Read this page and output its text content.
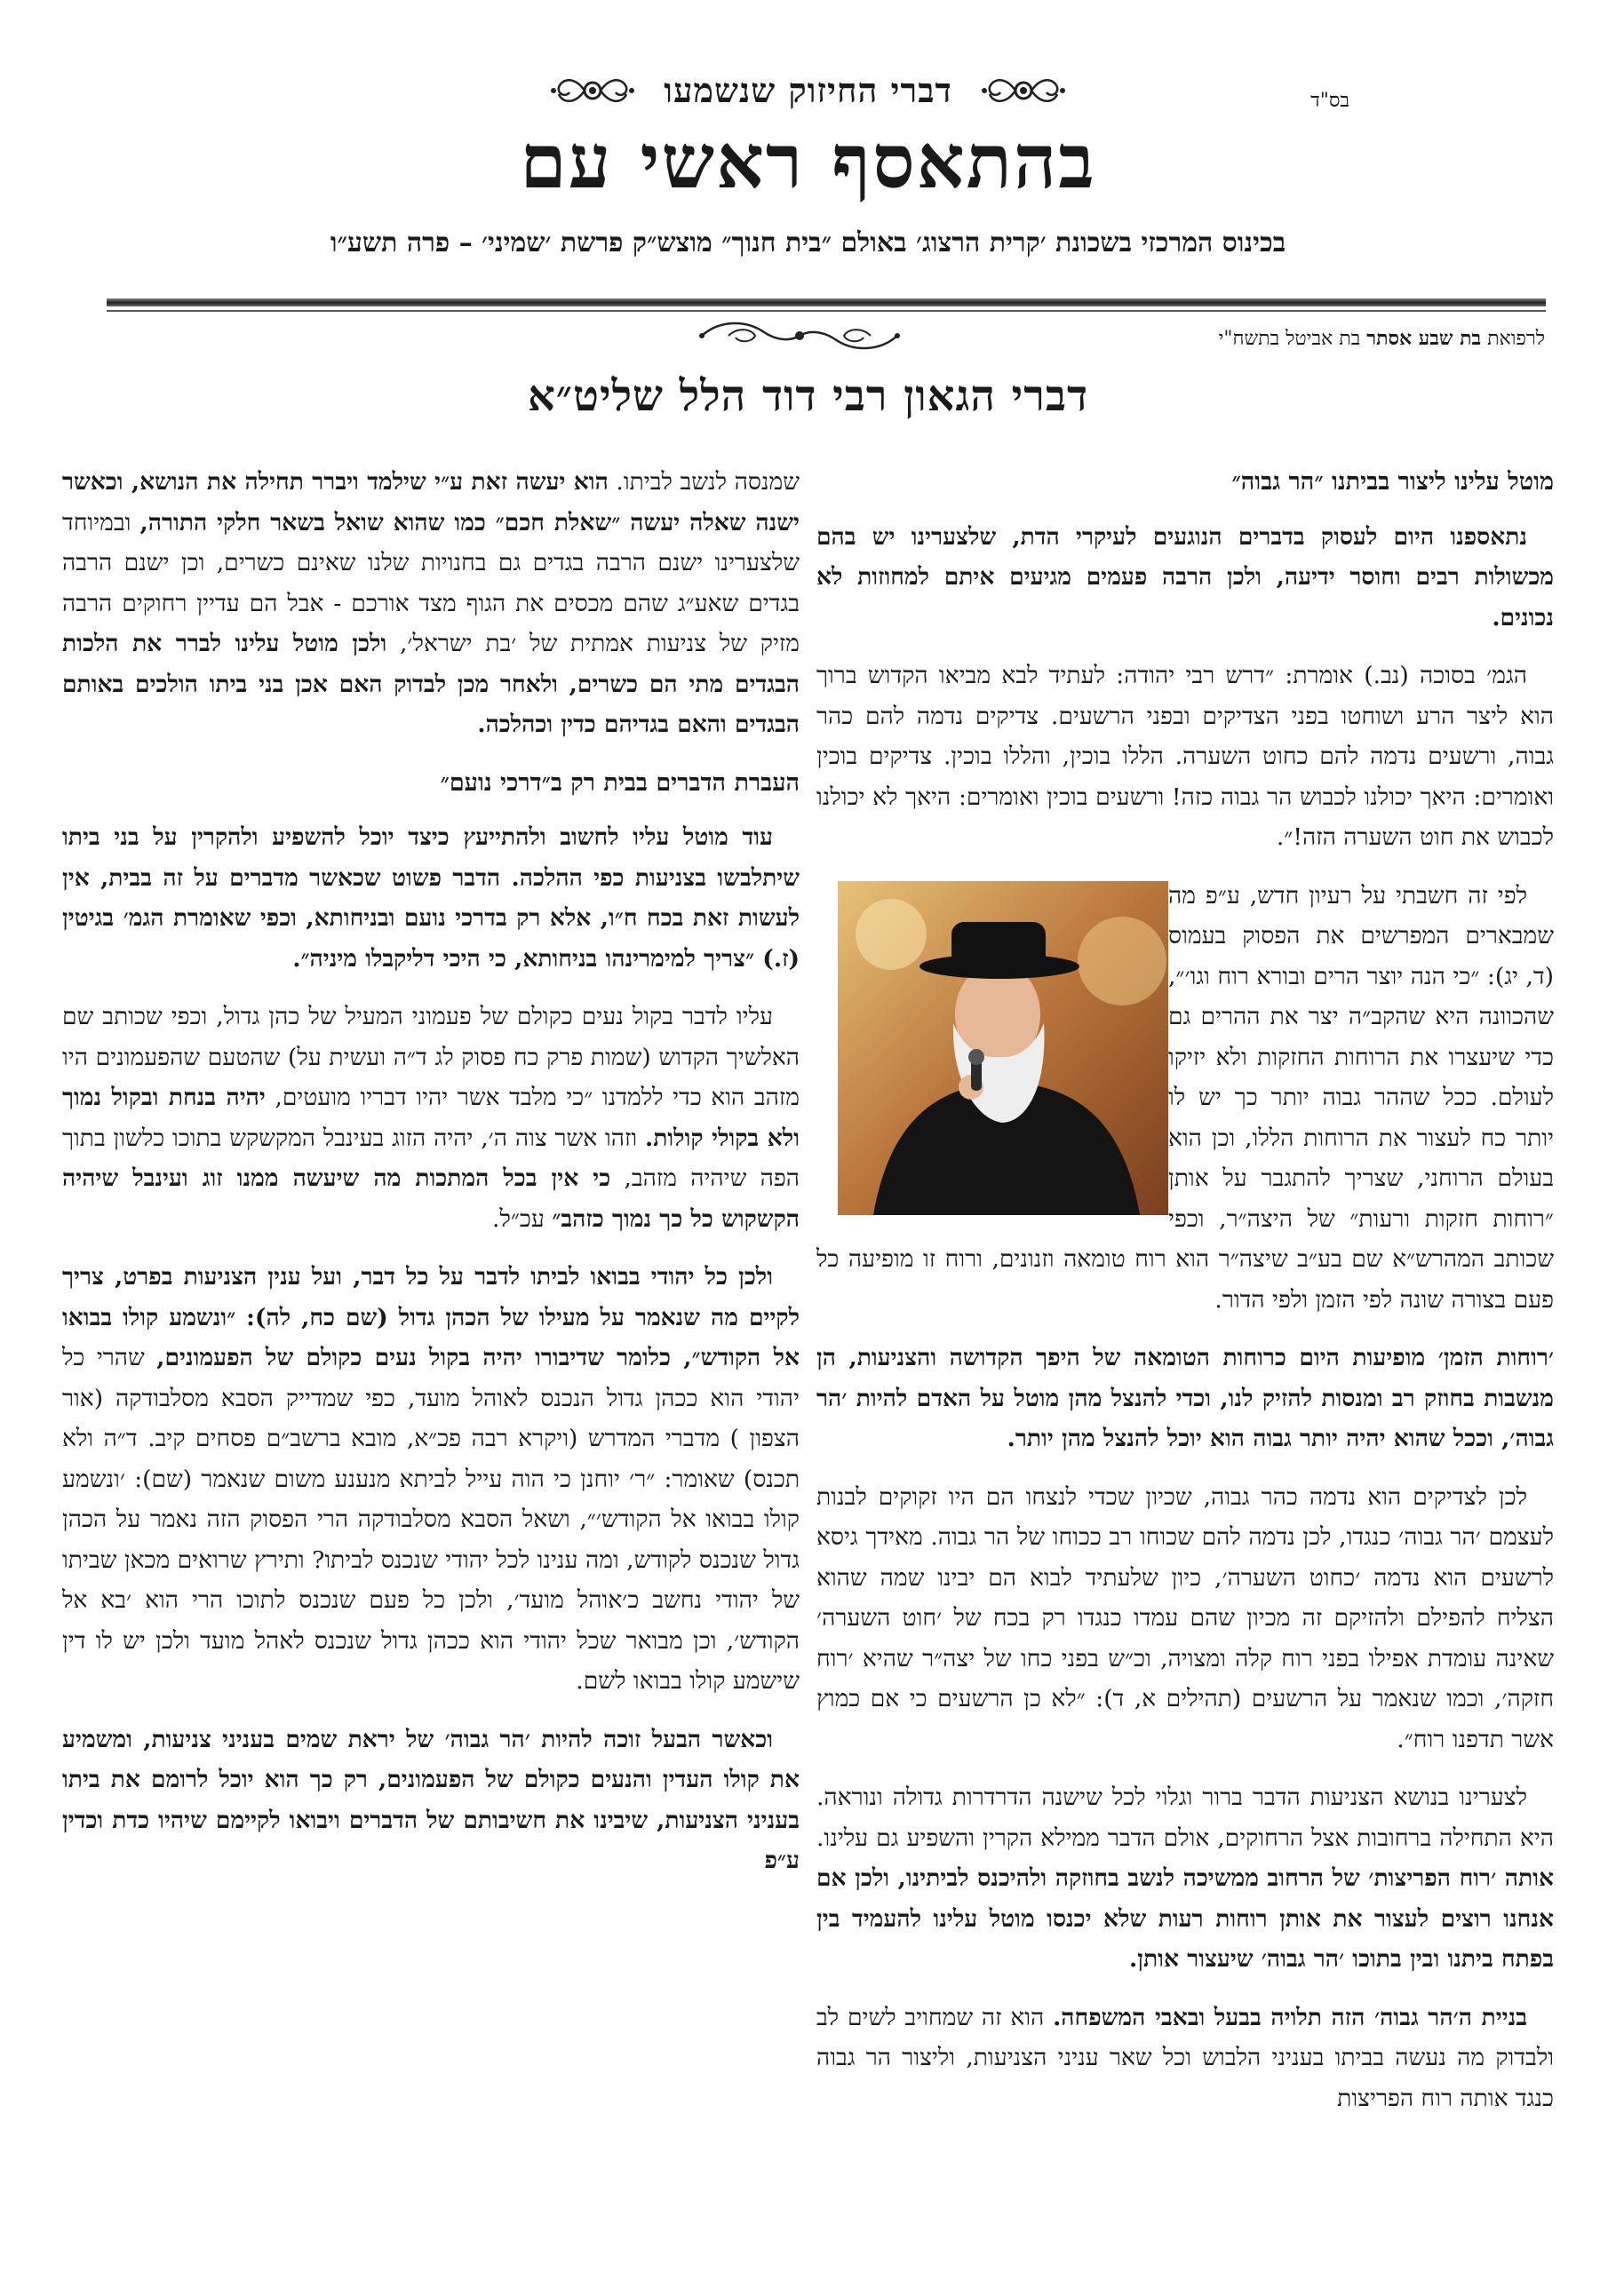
בס"ד
דברי החיזוק שנשמעו
בהתאסף ראשי עם
בכינוס המרכזי בשכונת ׳קרית הרצוג׳ באולם ״בית חנוך״ מוצש״ק פרשת ׳שמיני׳ – פרה תשע״ו
לרפואת בת שבע אסתר בת אביטל בתשח"י
דברי הגאון רבי דוד הלל שליט״א
מוטל עלינו ליצור בביתנו ״הר גבוה״

נתאספנו היום לעסוק בדברים הנוגעים לעיקרי הדת, שלצערינו יש בהם מכשולות רבים וחוסר ידיעה, ולכן הרבה פעמים מגיעים איתם למחוזות לא נכונים.

הגמ׳ בסוכה (נב.) אומרת: ״דרש רבי יהודה: לעתיד לבא מביאו הקדוש ברוך הוא ליצר הרע ושוחטו בפני הצדיקים ובפני הרשעים. צדיקים נדמה להם כהר גבוה, ורשעים נדמה להם כחוט השערה. הללו בוכין, והללו בוכין. צדיקים בוכין ואומרים: היאך יכולנו לכבוש הר גבוה כזה! ורשעים בוכין ואומרים: היאך לא יכולנו לכבוש את חוט השערה הזה!״.

לפי זה חשבתי על רעיון חדש, ע״פ מה שמבארים המפרשים את הפסוק בעמוס (ד, יג): ״כי הנה יוצר הרים ובורא רוח וגו׳״, שהכוונה היא שהקב״ה יצר את ההרים גם כדי שיעצרו את הרוחות החזקות ולא יזיקו לעולם. ככל שההר גבוה יותר כך יש לו יותר כח לעצור את הרוחות הללו, וכן הוא בעולם הרוחני, שצריך להתגבר על אותן ״רוחות חזקות ורעות״ של היצה״ר, וכפי שכותב המהרש״א שם בע״ב שיצה״ר הוא רוח טומאה וזנונים, ורוח זו מופיעה כל פעם בצורה שונה לפי הזמן ולפי הדור.

׳רוחות הזמן׳ מופיעות היום כרוחות הטומאה של היפך הקדושה והצניעות, הן מנשבות בחוזק רב ומנסות להזיק לנו, וכדי להנצל מהן מוטל על האדם להיות ׳הר גבוה׳, וככל שהוא יהיה יותר גבוה הוא יוכל להנצל מהן יותר.

לכן לצדיקים הוא נדמה כהר גבוה, שכיון שכדי לנצחו הם היו זקוקים לבנות לעצמם ׳הר גבוה׳ כנגדו, לכן נדמה להם שכוחו רב ככוחו של הר גבוה. מאידך גיסא לרשעים הוא נדמה ׳כחוט השערה׳, כיון שלעתיד לבוא הם יבינו שמה שהוא הצליח להפילם ולהזיקם זה מכיון שהם עמדו כנגדו רק בכח של ׳חוט השערה׳ שאינה עומדת אפילו בפני רוח קלה ומצויה, וכ״ש בפני כחו של יצה״ר שהיא ׳רוח חזקה׳, וכמו שנאמר על הרשעים (תהילים א, ד): ״לא כן הרשעים כי אם כמוץ אשר תדפנו רוח״.

לצערינו בנושא הצניעות הדבר ברור וגלוי לכל שישנה הדרדרות גדולה ונוראה. היא התחילה ברחובות אצל הרחוקים, אולם הדבר ממילא הקרין והשפיע גם עלינו. אותה ׳רוח הפריצות׳ של הרחוב ממשיכה לנשב בחוזקה ולהיכנס לביתינו, ולכן אם אנחנו רוצים לעצור את אותן רוחות רעות שלא יכנסו מוטל עלינו להעמיד בין בפתח ביתנו ובין בתוכו ׳הר גבוה׳ שיעצור אותן.

בניית ה׳הר גבוה׳ הזה תלויה בבעל ובאבי המשפחה. הוא זה שמחויב לשים לב ולבדוק מה נעשה בביתו בעניני הלבוש וכל שאר עניני הצניעות, וליצור הר גבוה כנגד אותה רוח הפריצות

שמנסה לנשב לביתו. הוא יעשה זאת ע״י שילמד ויברר תחילה את הנושא, וכאשר ישנה שאלה יעשה ״שאלת חכם״ כמו שהוא שואל בשאר חלקי התורה, ובמיוחד שלצערינו ישנם הרבה בגדים גם בחנויות שלנו שאינם כשרים, וכן ישנם הרבה בגדים שאע״ג שהם מכסים את הגוף מצד אורכם - אבל הם עדיין רחוקים הרבה מזיק של צניעות אמתית של ׳בת ישראל׳, ולכן מוטל עלינו לברר את הלכות הבגדים מתי הם כשרים, ולאחר מכן לבדוק האם אכן בני ביתו הולכים באותם הבגדים והאם בגדיהם כדין וכהלכה.

העברת הדברים בבית רק ב״דרכי נועם״

עוד מוטל עליו לחשוב ולהתייעץ כיצד יוכל להשפיע ולהקרין על בני ביתו שיתלבשו בצניעות כפי ההלכה. הדבר פשוט שכאשר מדברים על זה בבית, אין לעשות זאת בכח ח״ו, אלא רק בדרכי נועם ובניחותא, וכפי שאומרת הגמ׳ בגיטין (ז.) ״צריך למימרינהו בניחותא, כי היכי דליקבלו מיניה״.

עליו לדבר בקול נעים כקולם של פעמוני המעיל של כהן גדול, וכפי שכותב שם האלשיך הקדוש (שמות פרק כח פסוק לג ד״ה ועשית על) שהטעם שהפעמונים היו מזהב הוא כדי ללמדנו ״כי מלבד אשר יהיו דבריו מועטים, יהיה בנחת ובקול נמוך ולא בקולי קולות. וזהו אשר צוה ה׳, יהיה הזוג בעינבל המקשקש בתוכו כלשון בתוך הפה שיהיה מזהב, כי אין בכל המתכות מה שיעשה ממנו זוג ועינבל שיהיה הקשקוש כל כך נמוך כזהב״ עכ״ל.

ולכן כל יהודי בבואו לביתו לדבר על כל דבר, ועל ענין הצניעות בפרט, צריך לקיים מה שנאמר על מעילו של הכהן גדול (שם כח, לה): ״ונשמע קולו בבואו אל הקודש״, כלומר שדיבורו יהיה בקול נעים כקולם של הפעמונים, שהרי כל יהודי הוא ככהן גדול הנכנס לאוהל מועד, כפי שמדייק הסבא מסלבודקה (אור הצפון ) מדברי המדרש (ויקרא רבה פכ״א, מובא ברשב״ם פסחים קיב. ד״ה ולא תכנס) שאומר: ״ר׳ יוחנן כי הוה עייל לביתא מנענע משום שנאמר (שם): ׳ונשמע קולו בבואו אל הקודש׳״, ושאל הסבא מסלבודקה הרי הפסוק הזה נאמר על הכהן גדול שנכנס לקודש, ומה ענינו לכל יהודי שנכנס לביתו? ותירץ שרואים מכאן שביתו של יהודי נחשב כ׳אוהל מועד׳, ולכן כל פעם שנכנס לתוכו הרי הוא ׳בא אל הקודש׳, וכן מבואר שכל יהודי הוא ככהן גדול שנכנס לאהל מועד ולכן יש לו דין שישמע קולו בבואו לשם.

וכאשר הבעל זוכה להיות ׳הר גבוה׳ של יראת שמים בעניני צניעות, ומשמיע את קולו העדין והנעים כקולם של הפעמונים, רק כך הוא יוכל לרומם את ביתו בעניני הצניעות, שיבינו את חשיבותם של הדברים ויבואו לקיימם שיהיו כדת וכדין ע״פ
